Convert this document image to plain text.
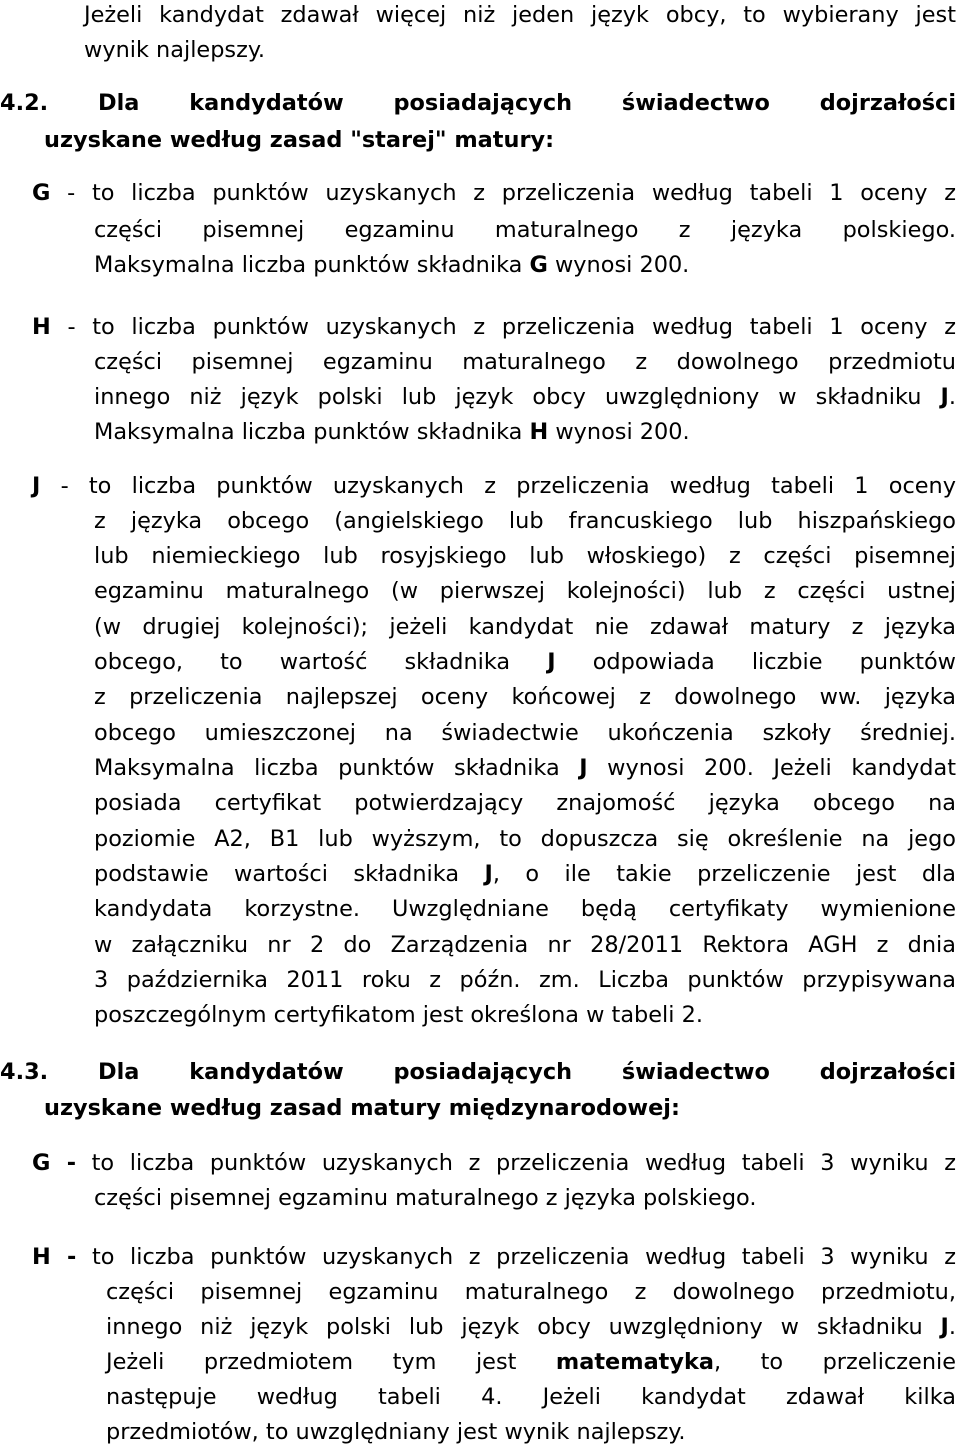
Jeżeli kandydat zdawał więcej niż jeden język obcy, to wybierany jest
wynik najlepszy.
4.2. Dla kandydatów posiadających świadectwo dojrzałości
uzyskane według zasad "starej" matury:
G - to liczba punktów uzyskanych z przeliczenia według tabeli 1 oceny z
części pisemnej egzaminu maturalnego z języka polskiego.
Maksymalna liczba punktów składnika G wynosi 200.
H - to liczba punktów uzyskanych z przeliczenia według tabeli 1 oceny z
części pisemnej egzaminu maturalnego z dowolnego przedmiotu
innego niż język polski lub język obcy uwzględniony w składniku J.
Maksymalna liczba punktów składnika H wynosi 200.
J - to liczba punktów uzyskanych z przeliczenia według tabeli 1 oceny
z języka obcego (angielskiego lub francuskiego lub hiszpańskiego
lub niemieckiego lub rosyjskiego lub włoskiego) z części pisemnej
egzaminu maturalnego (w pierwszej kolejności) lub z części ustnej
(w drugiej kolejności); jeżeli kandydat nie zdawał matury z języka
obcego, to wartość składnika J odpowiada liczbie punktów
z przeliczenia najlepszej oceny końcowej z dowolnego ww. języka
obcego umieszczonej na świadectwie ukończenia szkoły średniej.
Maksymalna liczba punktów składnika J wynosi 200. Jeżeli kandydat
posiada certyfikat potwierdzający znajomość języka obcego na
poziomie A2, B1 lub wyższym, to dopuszcza się określenie na jego
podstawie wartości składnika J, o ile takie przeliczenie jest dla
kandydata korzystne. Uwzględniane będą certyfikaty wymienione
w załączniku nr 2 do Zarządzenia nr 28/2011 Rektora AGH z dnia
3 października 2011 roku z późn. zm. Liczba punktów przypisywana
poszczególnym certyfikatom jest określona w tabeli 2.
4.3. Dla kandydatów posiadających świadectwo dojrzałości
uzyskane według zasad matury międzynarodowej:
G - to liczba punktów uzyskanych z przeliczenia według tabeli 3 wyniku z
części pisemnej egzaminu maturalnego z języka polskiego.
H - to liczba punktów uzyskanych z przeliczenia według tabeli 3 wyniku z
części pisemnej egzaminu maturalnego z dowolnego przedmiotu,
innego niż język polski lub język obcy uwzględniony w składniku J.
Jeżeli przedmiotem tym jest matematyka, to przeliczenie
następuje według tabeli 4. Jeżeli kandydat zdawał kilka
przedmiotów, to uwzględniany jest wynik najlepszy.
